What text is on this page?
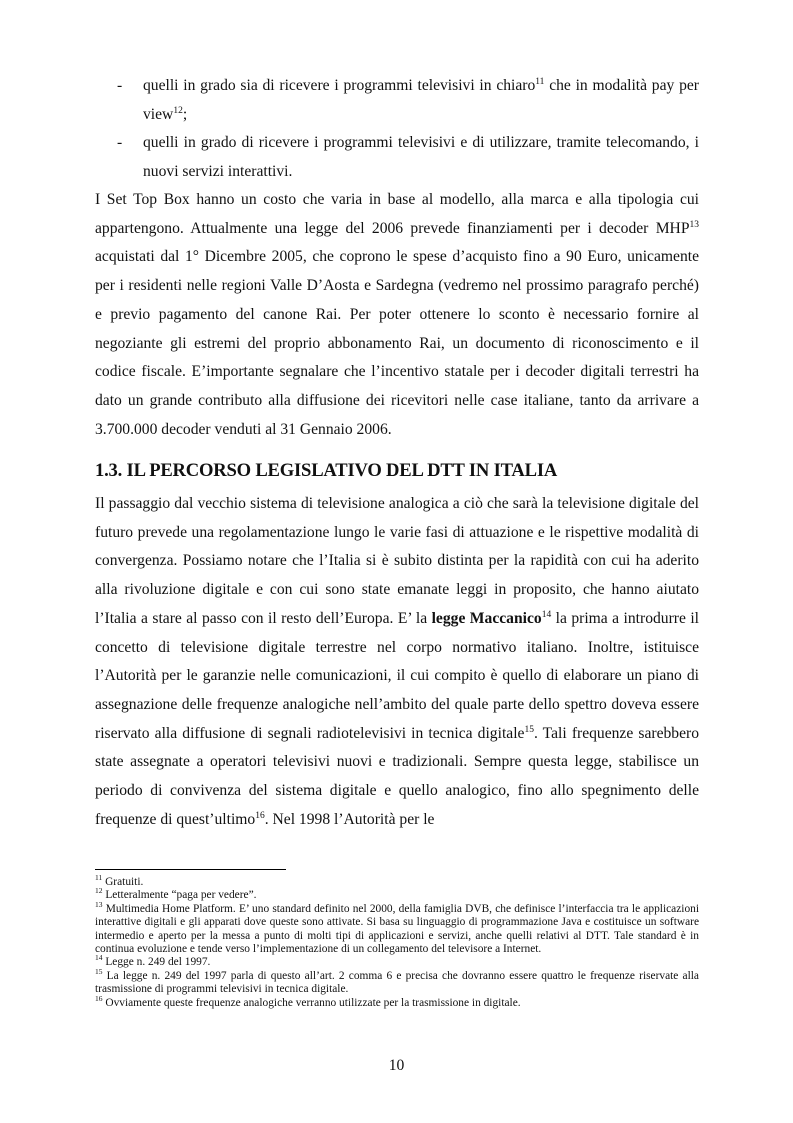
- quelli in grado sia di ricevere i programmi televisivi in chiaro$^{11}$ che in modalità pay per view$^{12}$;
- quelli in grado di ricevere i programmi televisivi e di utilizzare, tramite telecomando, i nuovi servizi interattivi.

I Set Top Box hanno un costo che varia in base al modello, alla marca e alla tipologia cui appartengono. Attualmente una legge del 2006 prevede finanziamenti per i decoder MHP$^{13}$ acquistati dal 1° Dicembre 2005, che coprono le spese d’acquisto fino a 90 Euro, unicamente per i residenti nelle regioni Valle D’Aosta e Sardegna (vedremo nel prossimo paragrafo perché) e previo pagamento del canone Rai. Per poter ottenere lo sconto è necessario fornire al negoziante gli estremi del proprio abbonamento Rai, un documento di riconoscimento e il codice fiscale. E’importante segnalare che l’incentivo statale per i decoder digitali terrestri ha dato un grande contributo alla diffusione dei ricevitori nelle case italiane, tanto da arrivare a 3.700.000 decoder venduti al 31 Gennaio 2006.

1.3. IL PERCORSO LEGISLATIVO DEL DTT IN ITALIA

Il passaggio dal vecchio sistema di televisione analogica a ciò che sarà la televisione digitale del futuro prevede una regolamentazione lungo le varie fasi di attuazione e le rispettive modalità di convergenza. Possiamo notare che l’Italia si è subito distinta per la rapidità con cui ha aderito alla rivoluzione digitale e con cui sono state emanate leggi in proposito, che hanno aiutato l’Italia a stare al passo con il resto dell’Europa. E’ la legge Maccanico$^{14}$ la prima a introdurre il concetto di televisione digitale terrestre nel corpo normativo italiano. Inoltre, istituisce l’Autorità per le garanzie nelle comunicazioni, il cui compito è quello di elaborare un piano di assegnazione delle frequenze analogiche nell’ambito del quale parte dello spettro doveva essere riservato alla diffusione di segnali radiotelevisivi in tecnica digitale$^{15}$. Tali frequenze sarebbero state assegnate a operatori televisivi nuovi e tradizionali. Sempre questa legge, stabilisce un periodo di convivenza del sistema digitale e quello analogico, fino allo spegnimento delle frequenze di quest’ultimo$^{16}$. Nel 1998 l’Autorità per le

$^{11}$ Gratuiti.

$^{12}$ Letteralmente “paga per vedere”.

$^{13}$ Multimedia Home Platform. E’ uno standard definito nel 2000, della famiglia DVB, che definisce l’interfaccia tra le applicazioni interattive digitali e gli apparati dove queste sono attivate. Si basa su linguaggio di programmazione Java e costituisce un software intermedio e aperto per la messa a punto di molti tipi di applicazioni e servizi, anche quelli relativi al DTT. Tale standard è in continua evoluzione e tende verso l’implementazione di un collegamento del televisore a Internet.

$^{14}$ Legge n. 249 del 1997.

$^{15}$ La legge n. 249 del 1997 parla di questo all’art. 2 comma 6 e precisa che dovranno essere quattro le frequenze riservate alla trasmissione di programmi televisivi in tecnica digitale.

$^{16}$ Ovviamente queste frequenze analogiche verranno utilizzate per la trasmissione in digitale.

10
